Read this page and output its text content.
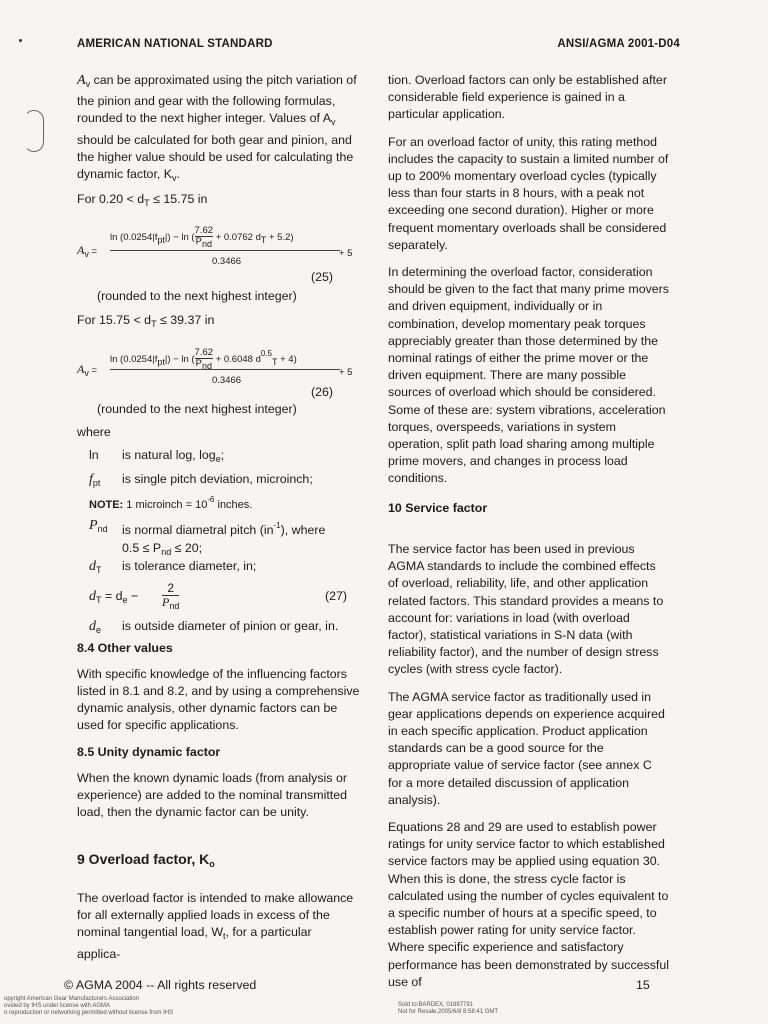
AMERICAN NATIONAL STANDARD	ANSI/AGMA 2001-D04

$A_v$ can be approximated using the pitch variation of the pinion and gear with the following formulas, rounded to the next higher integer. Values of $A_v$ should be calculated for both gear and pinion, and the higher value should be used for calculating the dynamic factor, $K_v$.

For $0.20 < d_T \le 15.75$ in
Av =
ln (0.0254|fpt|) − ln (
7.62
Pnd
+ 0.0762 dT + 5.2)
0.3466
+ 5
(25)
(rounded to the next highest integer)
For $15.75 < d_T \le 39.37$ in
Av =
ln (0.0254|fpt|) − ln (
7.62
Pnd
+ 0.6048 $d^{0.5}T + 4$)
0.3466
+ 5
(26)
(rounded to the next highest integer)
where
ln is natural log, $\log_e$;
$f_{pt}$ is single pitch deviation, microinch;
NOTE: 1 microinch = $10^{-6}$ inches.
$P_{nd}$ is normal diametral pitch $(in^{-1})$, where
$0.5 \le P_{nd} \le 20$;
$d_T$ is tolerance diameter, in;
$d_T = d_e$ −
2
$P_{nd}$
(27)
$d_e$ is outside diameter of pinion or gear, in.
8.4 Other values

With specific knowledge of the influencing factors listed in 8.1 and 8.2, and by using a comprehensive dynamic analysis, other dynamic factors can be used for specific applications.

8.5 Unity dynamic factor

When the known dynamic loads (from analysis or experience) are added to the nominal transmitted load, then the dynamic factor can be unity.

9 Overload factor, $K_o$
The overload factor is intended to make allowance for all externally applied loads in excess of the nominal tangential load, $W_t$, for a particular applica-

tion. Overload factors can only be established after considerable field experience is gained in a particular application.

For an overload factor of unity, this rating method includes the capacity to sustain a limited number of up to 200% momentary overload cycles (typically less than four starts in 8 hours, with a peak not exceeding one second duration). Higher or more frequent momentary overloads shall be considered separately.

In determining the overload factor, consideration should be given to the fact that many prime movers and driven equipment, individually or in combination, develop momentary peak torques appreciably greater than those determined by the nominal ratings of either the prime mover or the driven equipment. There are many possible sources of overload which should be considered. Some of these are: system vibrations, acceleration torques, overspeeds, variations in system operation, split path load sharing among multiple prime movers, and changes in process load conditions.

10 Service factor

The service factor has been used in previous AGMA standards to include the combined effects of overload, reliability, life, and other application related factors. This standard provides a means to account for: variations in load (with overload factor), statistical variations in S-N data (with reliability factor), and the number of design stress cycles (with stress cycle factor).

The AGMA service factor as traditionally used in gear applications depends on experience acquired in each specific application. Product application standards can be a good source for the appropriate value of service factor (see annex C for a more detailed discussion of application analysis).

Equations 28 and 29 are used to establish power ratings for unity service factor to which established service factors may be applied using equation 30. When this is done, the stress cycle factor is calculated using the number of cycles equivalent to a specific number of hours at a specific speed, to establish power rating for unity service factor. Where specific experience and satisfactory performance has been demonstrated by successful use of

© AGMA 2004 -- All rights reserved	15
opyright American Gear Manufacturers Association
ovided by IHS under license with AGMA
o reproduction or networking permitted without license from IHS
Sold to:BARDEX, 01897791
Not for Resale,2005/6/8 8:58:41 GMT
